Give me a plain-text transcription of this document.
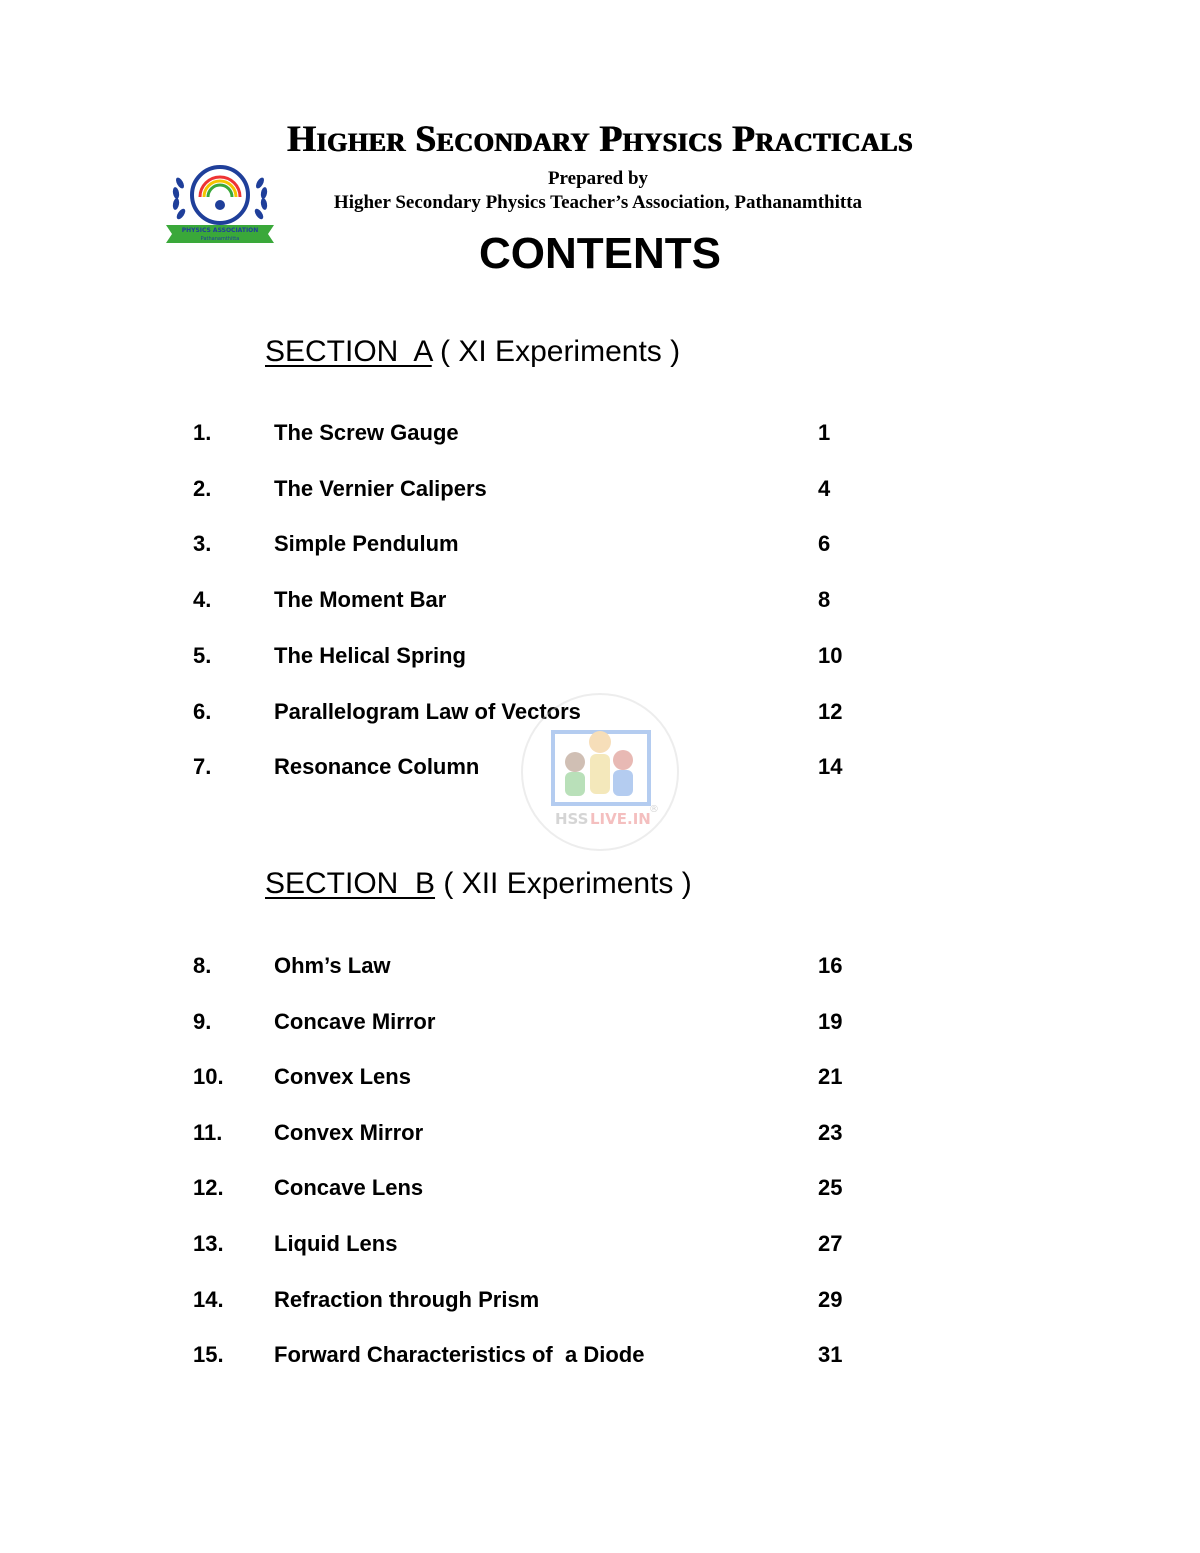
Higher Secondary Physics Practicals
PHYSICS ASSOCIATION
Pathanamthitta
Prepared by
Higher Secondary Physics Teacher’s Association, Pathanamthitta
CONTENTS
SECTION  A ( XI Experiments )
1.	The Screw Gauge	1
2.	The Vernier Calipers	4
3.	Simple Pendulum	6
4.	The Moment Bar	8
5.	The Helical Spring	10
6.	Parallelogram Law of Vectors	12
7.	Resonance Column	14
SECTION  B ( XII Experiments )
8.	Ohm’s Law	16
9.	Concave Mirror	19
10. Convex Lens	21
11. Convex Mirror	23
12. Concave Lens	25
13. Liquid Lens	27
14. Refraction through Prism	29
15. Forward Characteristics of  a Diode	31
HSS LIVE.IN
®
